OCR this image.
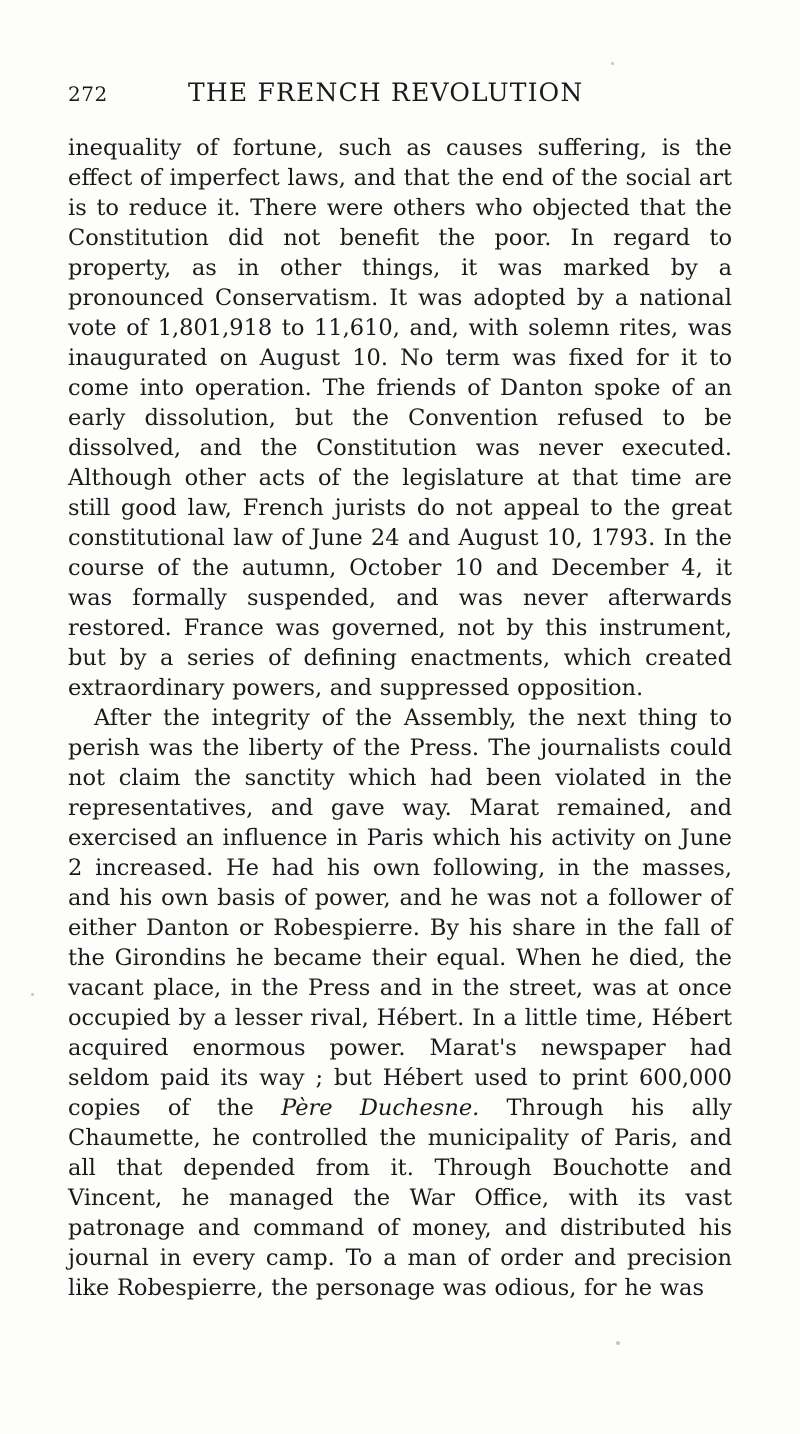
272	THE FRENCH REVOLUTION

inequality of fortune, such as causes suffering, is the effect of imperfect laws, and that the end of the social art is to reduce it. There were others who objected that the Constitution did not benefit the poor. In regard to property, as in other things, it was marked by a pronounced Conservatism. It was adopted by a national vote of 1,801,918 to 11,610, and, with solemn rites, was inaugurated on August 10. No term was fixed for it to come into operation. The friends of Danton spoke of an early dissolution, but the Convention refused to be dissolved, and the Constitution was never executed. Although other acts of the legislature at that time are still good law, French jurists do not appeal to the great constitutional law of June 24 and August 10, 1793. In the course of the autumn, October 10 and December 4, it was formally suspended, and was never afterwards restored. France was governed, not by this instrument, but by a series of defining enactments, which created extraordinary powers, and suppressed opposition.

After the integrity of the Assembly, the next thing to perish was the liberty of the Press. The journalists could not claim the sanctity which had been violated in the representatives, and gave way. Marat remained, and exercised an influence in Paris which his activity on June 2 increased. He had his own following, in the masses, and his own basis of power, and he was not a follower of either Danton or Robespierre. By his share in the fall of the Girondins he became their equal. When he died, the vacant place, in the Press and in the street, was at once occupied by a lesser rival, Hébert. In a little time, Hébert acquired enormous power. Marat's newspaper had seldom paid its way ; but Hébert used to print 600,000 copies of the Père Duchesne. Through his ally Chaumette, he controlled the municipality of Paris, and all that depended from it. Through Bouchotte and Vincent, he managed the War Office, with its vast patronage and command of money, and distributed his journal in every camp. To a man of order and precision like Robespierre, the personage was odious, for he was
